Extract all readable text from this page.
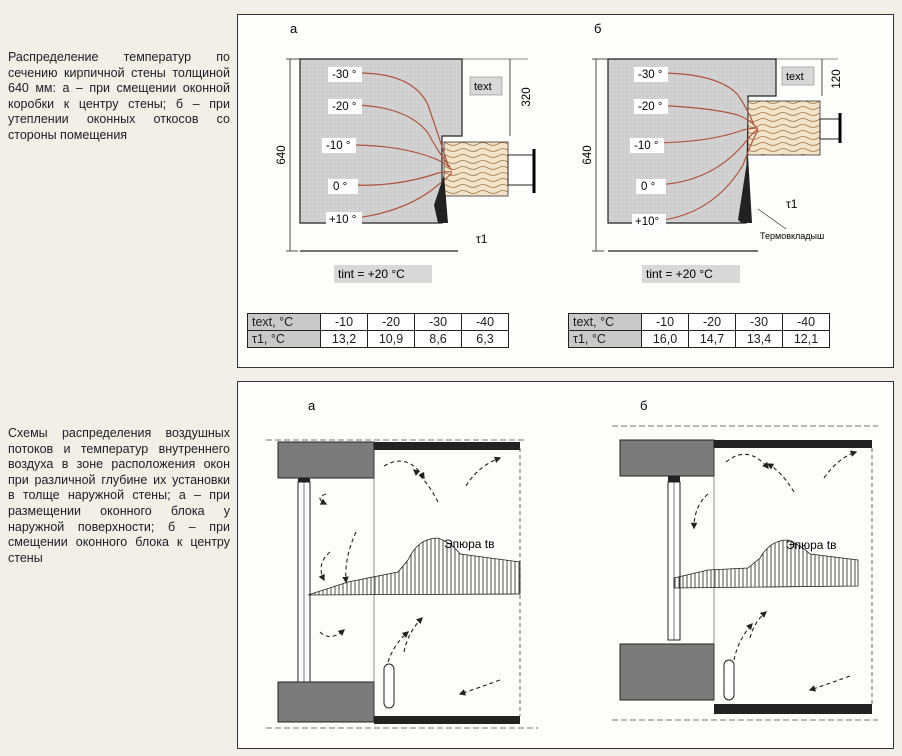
Распределение температур по сечению кирпичной стены толщиной 640 мм: а – при смещении оконной коробки к центру стены; б – при утеплении оконных откосов со стороны помещения
Схемы распределения воздушных потоков и температур внутреннего воздуха в зоне расположения окон при различной глубине их установки в толще наружной стены; а – при размещении оконного блока у наружной поверхности; б – при смещении оконного блока к центру стены
а
-30 °
-20 °
-10 °
0 °
+10 °
640
320
text
τ1
tint = +20 °C
б
-30 °
-20 °
-10 °
0 °
+10°
640
120
text
τ1
Термовкладыш
tint = +20 °C
text, °C	-10	-20	-30	-40
τ1, °C	13,2	10,9	8,6	6,3
text, °C	-10	-20	-30	-40
τ1, °C	16,0	14,7	13,4	12,1
а
Эпюра tв
б
Эпюра tв
